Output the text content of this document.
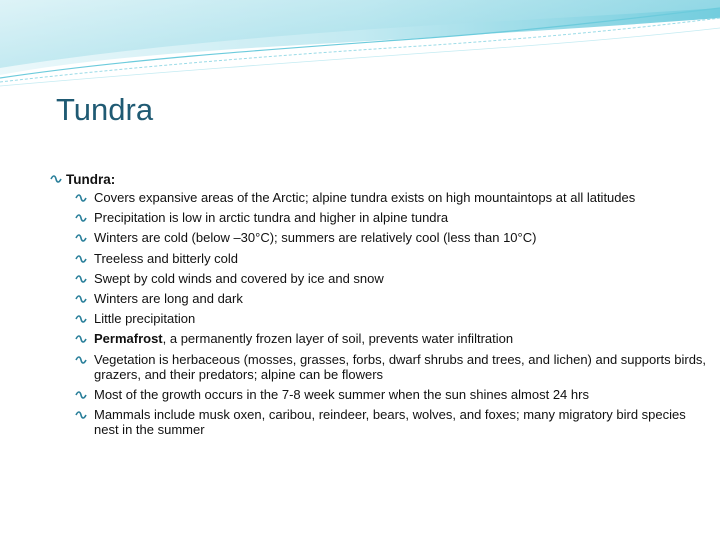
Tundra

Tundra:

Covers expansive areas of the Arctic; alpine tundra exists on high mountaintops at all latitudes
Precipitation is low in arctic tundra and higher in alpine tundra
Winters are cold (below –30°C); summers are relatively cool (less than 10°C)
Treeless and bitterly cold
Swept by cold winds and covered by ice and snow
Winters are long and dark
Little precipitation
Permafrost, a permanently frozen layer of soil, prevents water infiltration
Vegetation is herbaceous (mosses, grasses, forbs, dwarf shrubs and trees, and lichen) and supports birds, grazers, and their predators; alpine can be flowers
Most of the growth occurs in the 7-8 week summer when the sun shines almost 24 hrs
Mammals include musk oxen, caribou, reindeer, bears, wolves, and foxes; many migratory bird species nest in the summer
